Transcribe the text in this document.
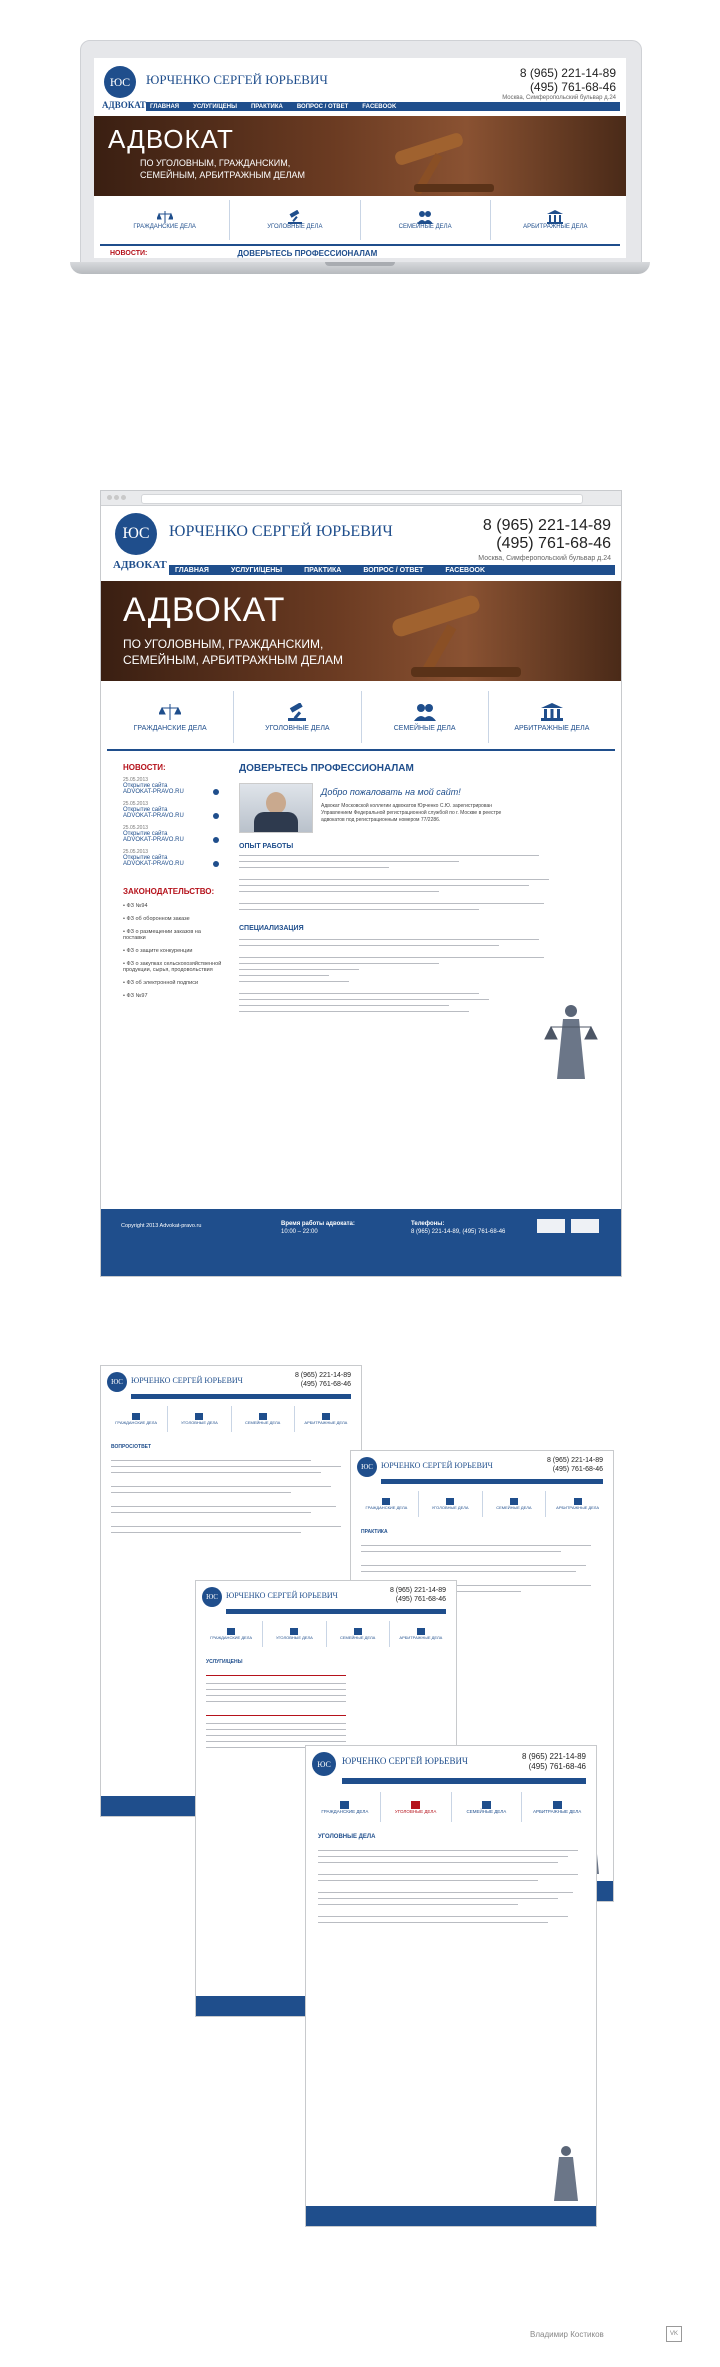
ЮС
АДВОКАТ
ЮРЧЕНКО СЕРГЕЙ ЮРЬЕВИЧ	8 (965) 221-14-89
(495) 761-68-46
Москва, Симферопольский бульвар д.24
ГЛАВНАЯ УСЛУГИ/ЦЕНЫ ПРАКТИКА ВОПРОС / ОТВЕТ FACEBOOK
АДВОКАТ
ПО УГОЛОВНЫМ, ГРАЖДАНСКИМ,
СЕМЕЙНЫМ, АРБИТРАЖНЫМ ДЕЛАМ
ГРАЖДАНСКИЕ ДЕЛА	УГОЛОВНЫЕ ДЕЛА	СЕМЕЙНЫЕ ДЕЛА	АРБИТРАЖНЫЕ ДЕЛА
НОВОСТИ:	ДОВЕРЬТЕСЬ ПРОФЕССИОНАЛАМ
ЮС
АДВОКАТ
ЮРЧЕНКО СЕРГЕЙ ЮРЬЕВИЧ	8 (965) 221-14-89
(495) 761-68-46
Москва, Симферопольский бульвар д.24
ГЛАВНАЯ	УСЛУГИ/ЦЕНЫ	ПРАКТИКА	ВОПРОС / ОТВЕТ	FACEBOOK
АДВОКАТ
ПО УГОЛОВНЫМ, ГРАЖДАНСКИМ,
СЕМЕЙНЫМ, АРБИТРАЖНЫМ ДЕЛАМ
ГРАЖДАНСКИЕ ДЕЛА	УГОЛОВНЫЕ ДЕЛА	СЕМЕЙНЫЕ ДЕЛА	АРБИТРАЖНЫЕ ДЕЛА
НОВОСТИ:
25.05.2013
Открытие сайта ADVOKAT-PRAVO.RU
25.05.2013
Открытие сайта ADVOKAT-PRAVO.RU
25.05.2013
Открытие сайта ADVOKAT-PRAVO.RU
25.05.2013
Открытие сайта ADVOKAT-PRAVO.RU
ЗАКОНОДАТЕЛЬСТВО:
• ФЗ №94
• ФЗ об оборонном заказе
• ФЗ о размещении заказов на поставки
• ФЗ о защите конкуренции
• ФЗ о закупках сельскохозяйственной продукции, сырья, продовольствия
• ФЗ об электронной подписи
• ФЗ №97
ДОВЕРЬТЕСЬ ПРОФЕССИОНАЛАМ
Добро пожаловать на мой сайт!
Адвокат Московской коллегии адвокатов Юрченко С.Ю. зарегистрирован Управлением Федеральной регистрационной службой по г. Москве в реестре адвокатов под регистрационным номером 77/2286.
ОПЫТ РАБОТЫ
СПЕЦИАЛИЗАЦИЯ
Copyright 2013 Advokat-pravo.ru	Время работы адвоката:
10:00 – 22:00
Телефоны:
8 (965) 221-14-89, (495) 761-68-46
ЮС	ЮРЧЕНКО СЕРГЕЙ ЮРЬЕВИЧ
8 (965) 221-14-89
(495) 761-68-46
ГРАЖДАНСКИЕ ДЕЛА	УГОЛОВНЫЕ ДЕЛА	СЕМЕЙНЫЕ ДЕЛА	АРБИТРАЖНЫЕ ДЕЛА
ВОПРОС/ОТВЕТ
ЮС	ЮРЧЕНКО СЕРГЕЙ ЮРЬЕВИЧ
8 (965) 221-14-89
(495) 761-68-46
ГРАЖДАНСКИЕ ДЕЛА	УГОЛОВНЫЕ ДЕЛА	СЕМЕЙНЫЕ ДЕЛА	АРБИТРАЖНЫЕ ДЕЛА
ПРАКТИКА
ЮС	ЮРЧЕНКО СЕРГЕЙ ЮРЬЕВИЧ
8 (965) 221-14-89
(495) 761-68-46
ГРАЖДАНСКИЕ ДЕЛА	УГОЛОВНЫЕ ДЕЛА	СЕМЕЙНЫЕ ДЕЛА	АРБИТРАЖНЫЕ ДЕЛА
УСЛУГИ/ЦЕНЫ
ЮС	ЮРЧЕНКО СЕРГЕЙ ЮРЬЕВИЧ	8 (965) 221-14-89
(495) 761-68-46
ГРАЖДАНСКИЕ ДЕЛА	УГОЛОВНЫЕ ДЕЛА	СЕМЕЙНЫЕ ДЕЛА	АРБИТРАЖНЫЕ ДЕЛА
УГОЛОВНЫЕ ДЕЛА
Владимир Костиков	VK
